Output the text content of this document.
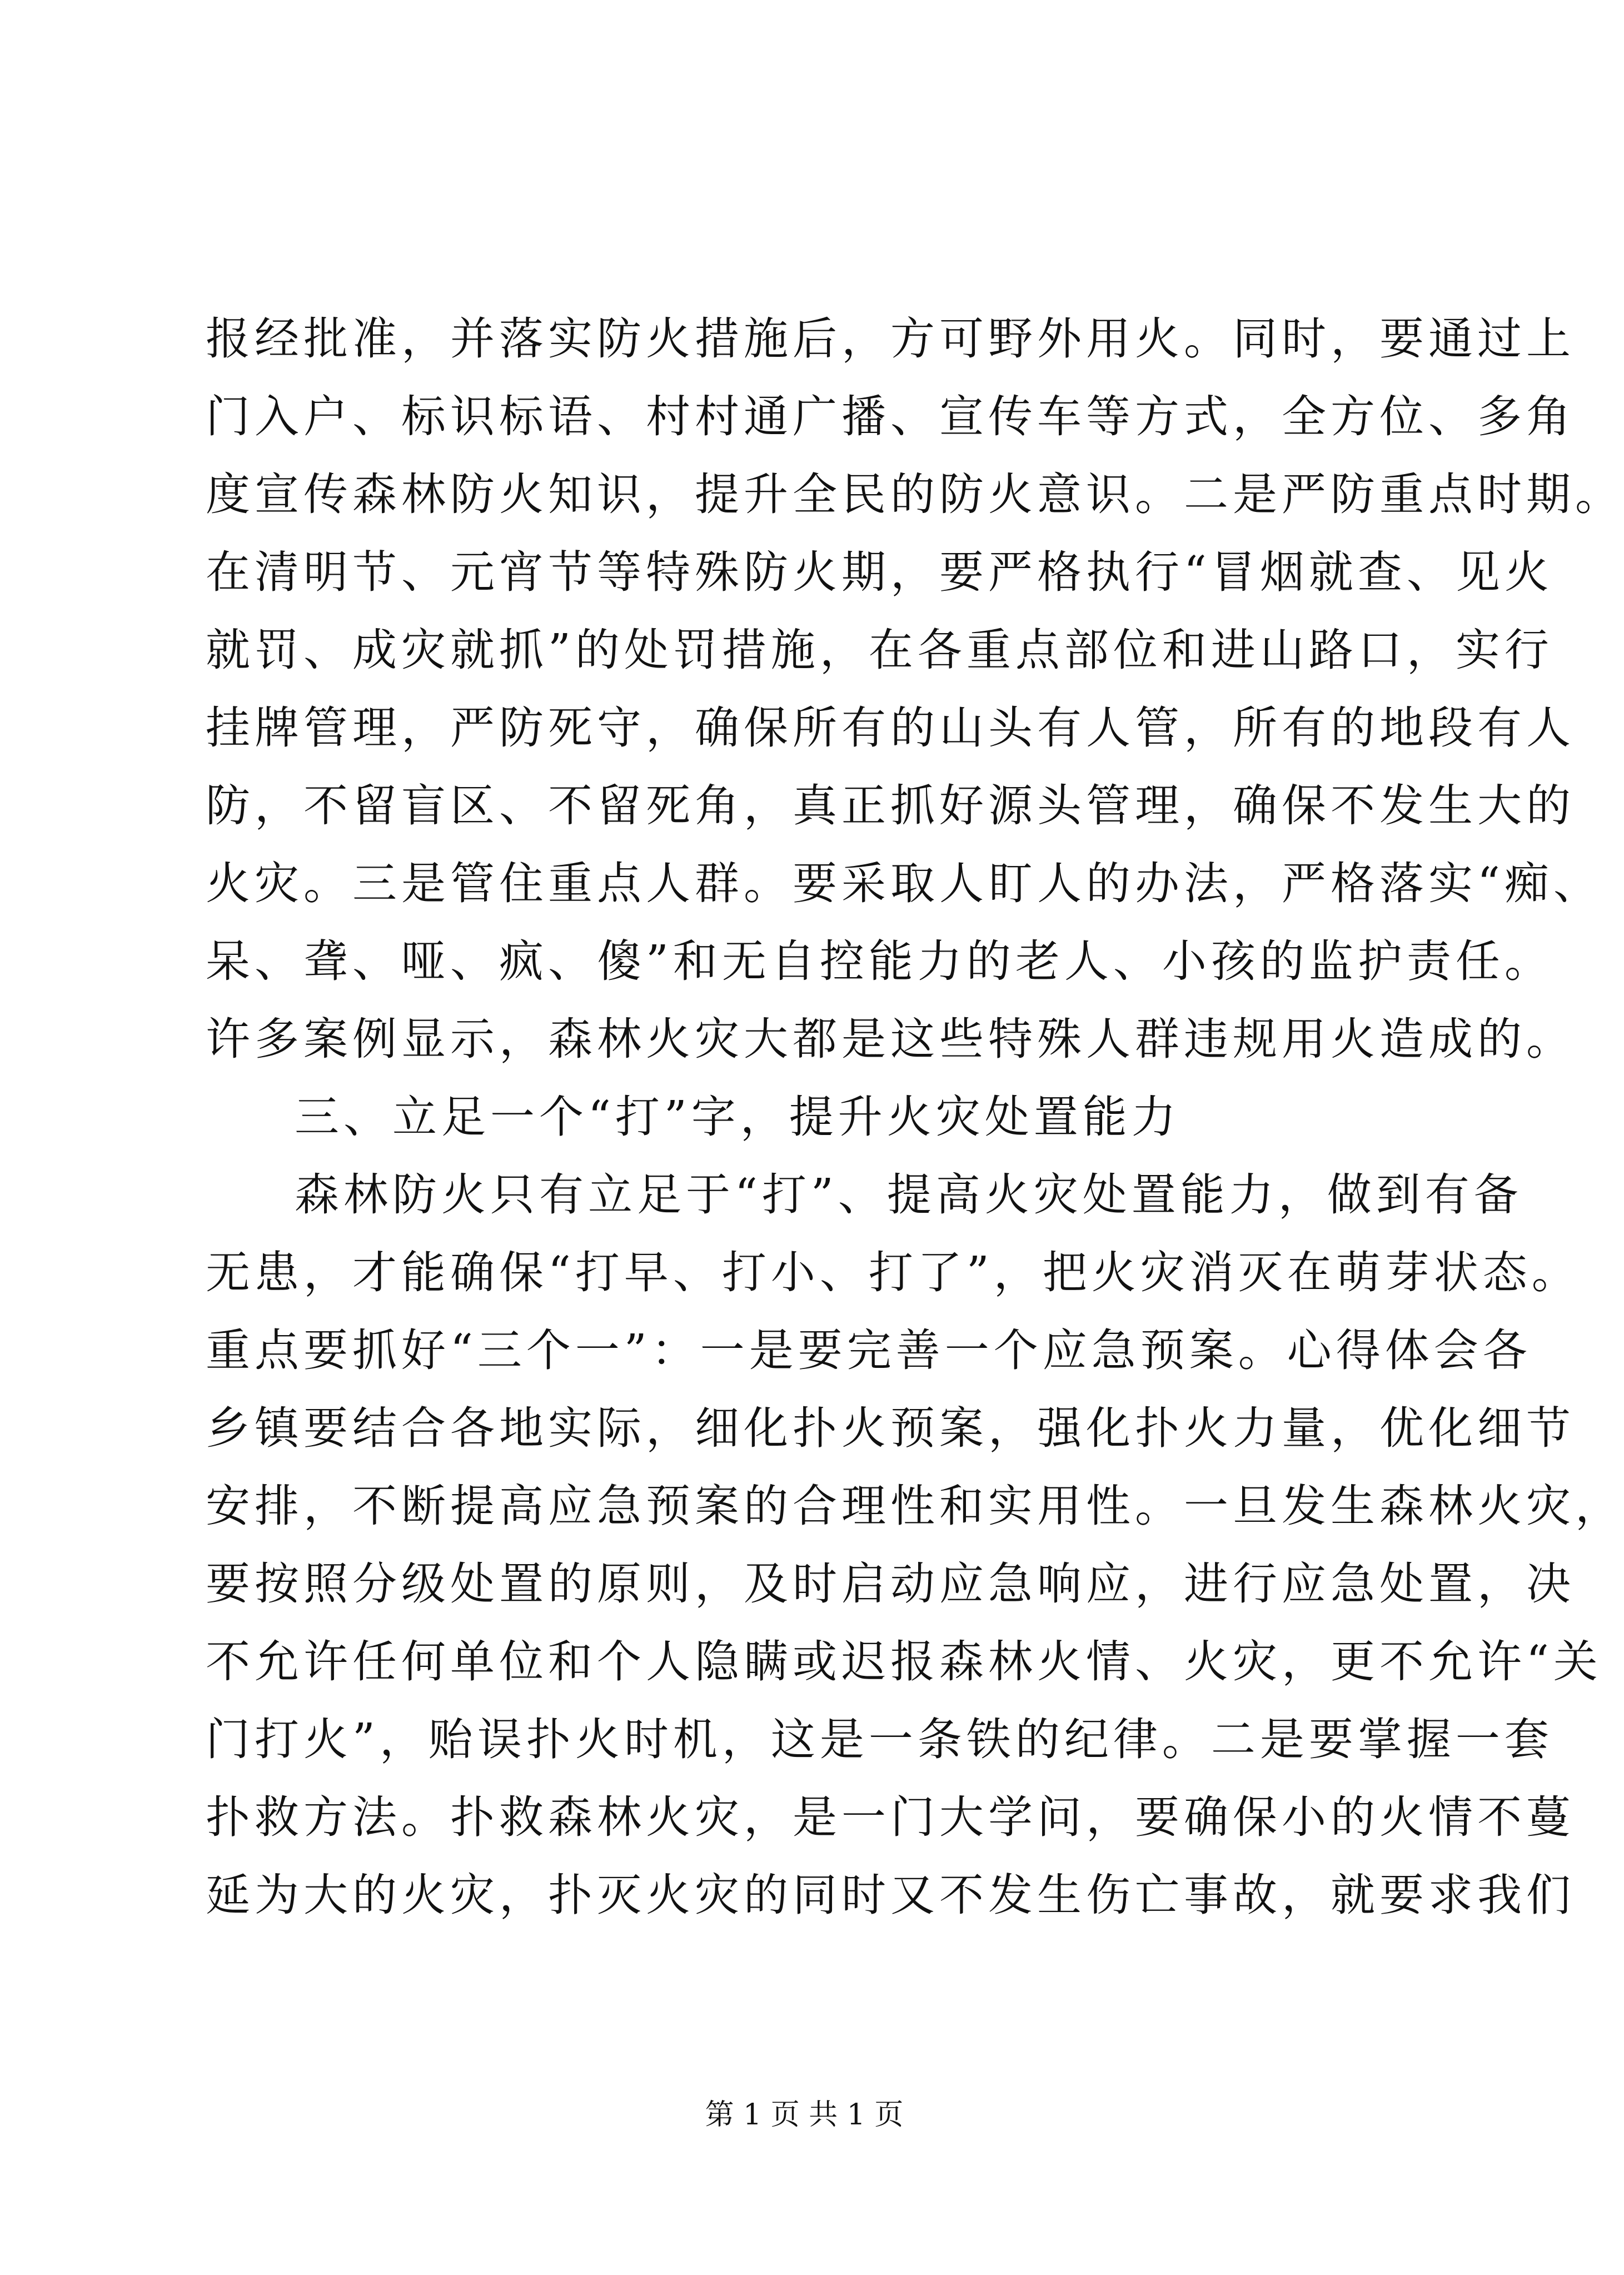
报经批准，并落实防火措施后，方可野外用火。同时，要通过上
门入户、标识标语、村村通广播、宣传车等方式，全方位、多角
度宣传森林防火知识，提升全民的防火意识。二是严防重点时期。
在清明节、元宵节等特殊防火期，要严格执行“冒烟就查、见火
就罚、成灾就抓”的处罚措施，在各重点部位和进山路口，实行
挂牌管理，严防死守，确保所有的山头有人管，所有的地段有人
防，不留盲区、不留死角，真正抓好源头管理，确保不发生大的
火灾。三是管住重点人群。要采取人盯人的办法，严格落实“痴、
呆、聋、哑、疯、傻”和无自控能力的老人、小孩的监护责任。
许多案例显示，森林火灾大都是这些特殊人群违规用火造成的。
三、立足一个“打”字，提升火灾处置能力
森林防火只有立足于“打”、提高火灾处置能力，做到有备
无患，才能确保“打早、打小、打了”，把火灾消灭在萌芽状态。
重点要抓好“三个一”：一是要完善一个应急预案。心得体会各
乡镇要结合各地实际，细化扑火预案，强化扑火力量，优化细节
安排，不断提高应急预案的合理性和实用性。一旦发生森林火灾，
要按照分级处置的原则，及时启动应急响应，进行应急处置，决
不允许任何单位和个人隐瞒或迟报森林火情、火灾，更不允许“关
门打火”，贻误扑火时机，这是一条铁的纪律。二是要掌握一套
扑救方法。扑救森林火灾，是一门大学问，要确保小的火情不蔓
延为大的火灾，扑灭火灾的同时又不发生伤亡事故，就要求我们
第 1 页 共 1 页
